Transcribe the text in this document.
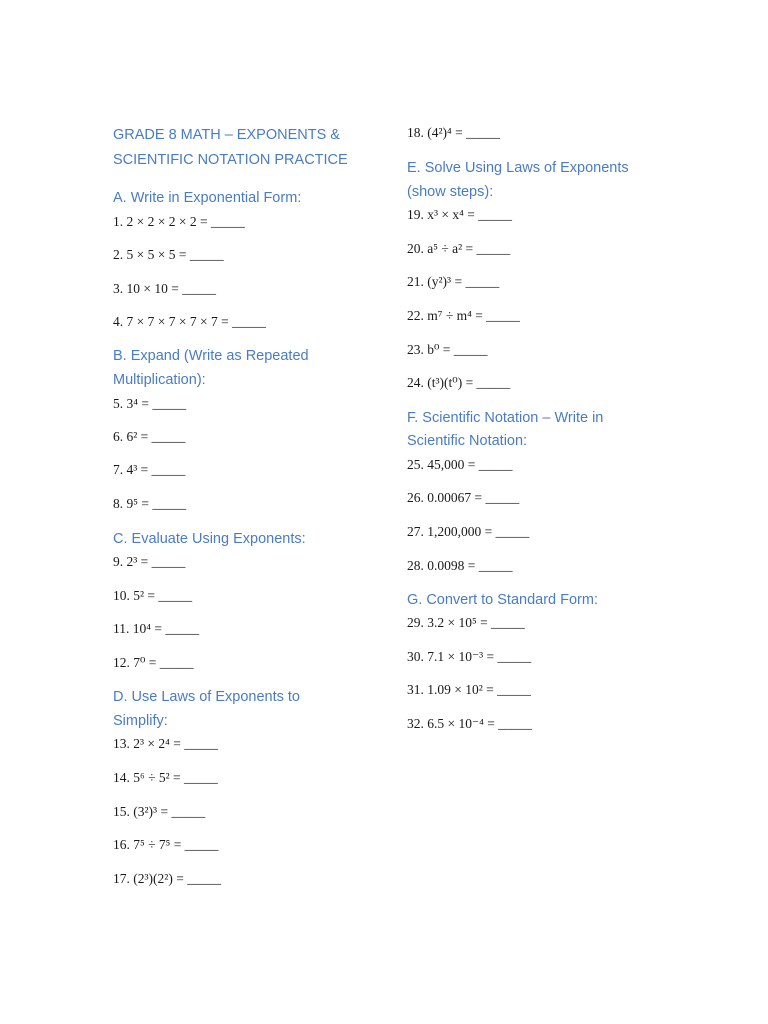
GRADE 8 MATH – EXPONENTS &
SCIENTIFIC NOTATION PRACTICE
A. Write in Exponential Form:
1. 2 × 2 × 2 × 2 = _____
2. 5 × 5 × 5 = _____
3. 10 × 10 = _____
4. 7 × 7 × 7 × 7 × 7 = _____
B. Expand (Write as Repeated
Multiplication):
5. 3⁴ = _____
6. 6² = _____
7. 4³ = _____
8. 9⁵ = _____
C. Evaluate Using Exponents:
9. 2³ = _____
10. 5² = _____
11. 10⁴ = _____
12. 7⁰ = _____
D. Use Laws of Exponents to
Simplify:
13. 2³ × 2⁴ = _____
14. 5⁶ ÷ 5² = _____
15. (3²)³ = _____
16. 7⁵ ÷ 7⁵ = _____
17. (2³)(2²) = _____
18. (4²)⁴ = _____
E. Solve Using Laws of Exponents
(show steps):
19. x³ × x⁴ = _____
20. a⁵ ÷ a² = _____
21. (y²)³ = _____
22. m⁷ ÷ m⁴ = _____
23. b⁰ = _____
24. (t³)(t⁰) = _____
F. Scientific Notation – Write in
Scientific Notation:
25. 45,000 = _____
26. 0.00067 = _____
27. 1,200,000 = _____
28. 0.0098 = _____
G. Convert to Standard Form:
29. 3.2 × 10⁵ = _____
30. 7.1 × 10⁻³ = _____
31. 1.09 × 10² = _____
32. 6.5 × 10⁻⁴ = _____
